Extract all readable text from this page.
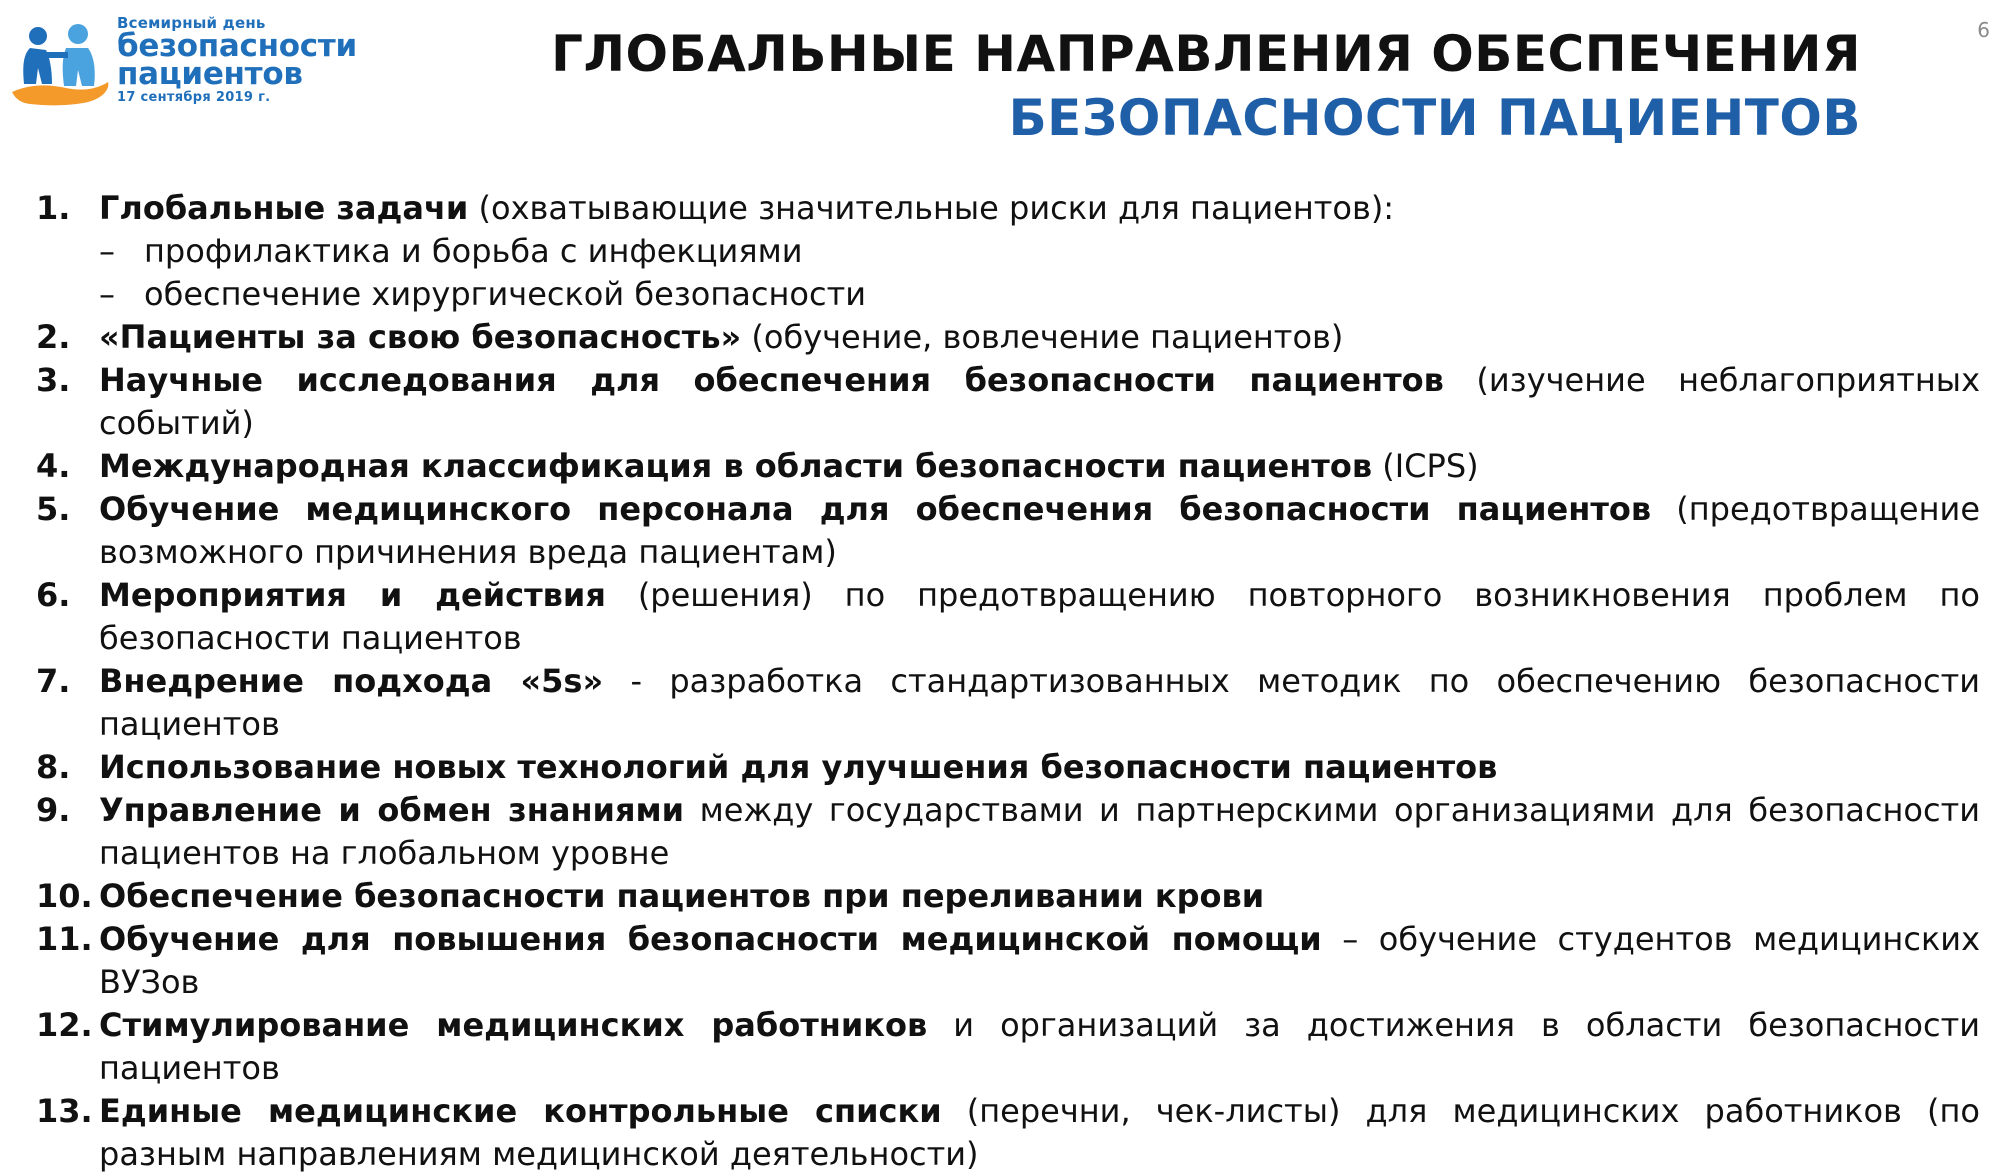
Всемирный день
безопасности
пациентов
17 сентября 2019 г.
6
ГЛОБАЛЬНЫЕ НАПРАВЛЕНИЯ ОБЕСПЕЧЕНИЯ
БЕЗОПАСНОСТИ ПАЦИЕНТОВ
1. Глобальные задачи (охватывающие значительные риски для пациентов):
– профилактика и борьба с инфекциями
– обеспечение хирургической безопасности
2. «Пациенты за свою безопасность» (обучение, вовлечение пациентов)
3. Научные исследования для обеспечения безопасности пациентов (изучение неблагоприятных событий)
4. Международная классификация в области безопасности пациентов (ICPS)
5. Обучение медицинского персонала для обеспечения безопасности пациентов (предотвращение возможного причинения вреда пациентам)
6. Мероприятия и действия (решения) по предотвращению повторного возникновения проблем по безопасности пациентов
7. Внедрение подхода «5s» - разработка стандартизованных методик по обеспечению безопасности пациентов
8. Использование новых технологий для улучшения безопасности пациентов
9. Управление и обмен знаниями между государствами и партнерскими организациями для безопасности пациентов на глобальном уровне
10. Обеспечение безопасности пациентов при переливании крови
11. Обучение для повышения безопасности медицинской помощи – обучение студентов медицинских ВУЗов
12. Стимулирование медицинских работников и организаций за достижения в области безопасности пациентов
13. Единые медицинские контрольные списки (перечни, чек-листы) для медицинских работников (по разным направлениям медицинской деятельности)
